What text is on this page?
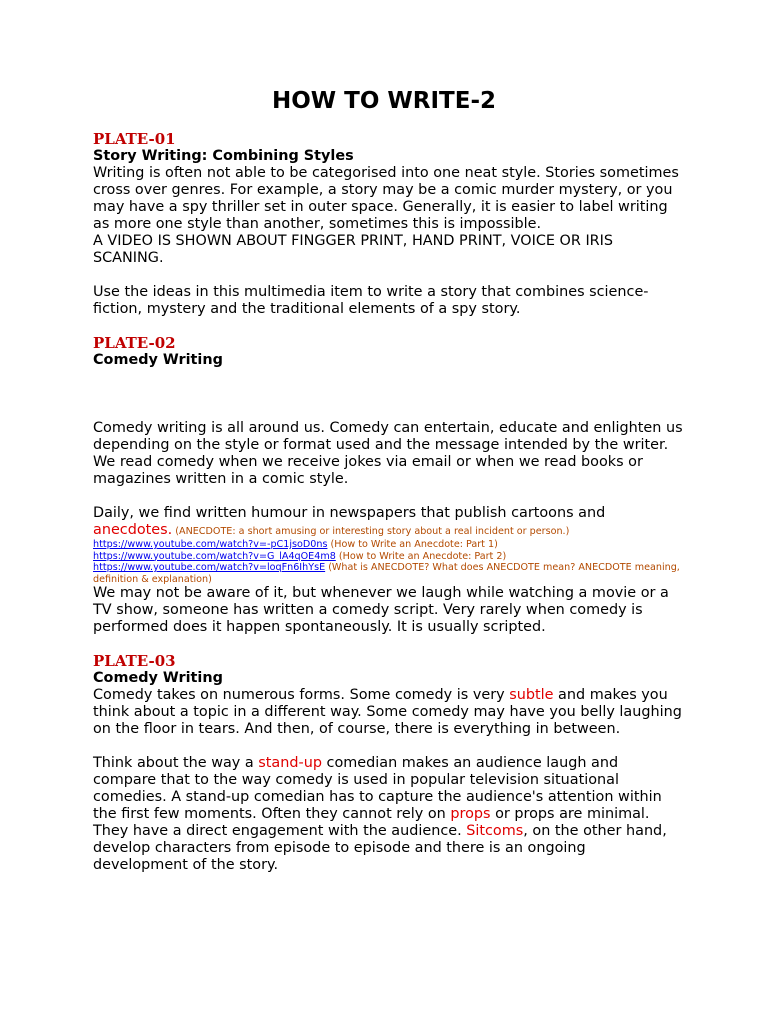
HOW TO WRITE-2
PLATE-01
Story Writing: Combining Styles

Writing is often not able to be categorised into one neat style. Stories sometimes cross over genres. For example, a story may be a comic murder mystery, or you may have a spy thriller set in outer space. Generally, it is easier to label writing as more one style than another, sometimes this is impossible.

A VIDEO IS SHOWN ABOUT FINGGER PRINT, HAND PRINT, VOICE OR IRIS SCANING.

Use the ideas in this multimedia item to write a story that combines science-fiction, mystery and the traditional elements of a spy story.

PLATE-02
Comedy Writing

Comedy writing is all around us. Comedy can entertain, educate and enlighten us depending on the style or format used and the message intended by the writer. We read comedy when we receive jokes via email or when we read books or magazines written in a comic style.

Daily, we find written humour in newspapers that publish cartoons and anecdotes. (ANECDOTE: a short amusing or interesting story about a real incident or person.)

https://www.youtube.com/watch?v=-pC1jsoD0ns (How to Write an Anecdote: Part 1)
https://www.youtube.com/watch?v=G_lA4qOE4m8 (How to Write an Anecdote: Part 2)
https://www.youtube.com/watch?v=loqFn6IhYsE (What is ANECDOTE? What does ANECDOTE mean? ANECDOTE meaning, definition & explanation)

We may not be aware of it, but whenever we laugh while watching a movie or a TV show, someone has written a comedy script. Very rarely when comedy is performed does it happen spontaneously. It is usually scripted.

PLATE-03
Comedy Writing

Comedy takes on numerous forms. Some comedy is very subtle and makes you think about a topic in a different way. Some comedy may have you belly laughing on the floor in tears. And then, of course, there is everything in between.

Think about the way a stand-up comedian makes an audience laugh and compare that to the way comedy is used in popular television situational comedies. A stand-up comedian has to capture the audience's attention within the first few moments. Often they cannot rely on props or props are minimal. They have a direct engagement with the audience. Sitcoms, on the other hand, develop characters from episode to episode and there is an ongoing development of the story.
